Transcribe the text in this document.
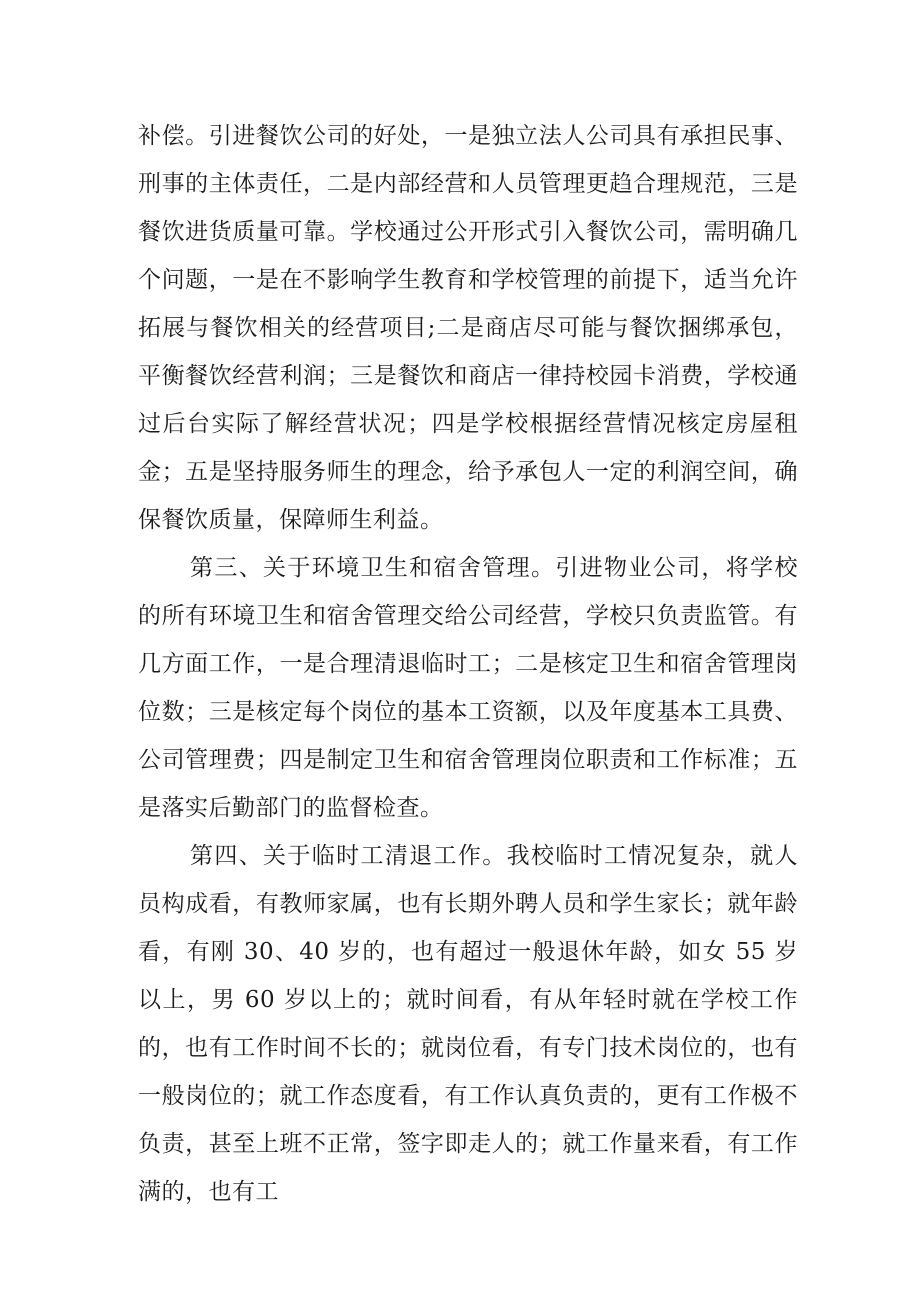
补偿。引进餐饮公司的好处，一是独立法人公司具有承担民事、刑事的主体责任，二是内部经营和人员管理更趋合理规范，三是餐饮进货质量可靠。学校通过公开形式引入餐饮公司，需明确几个问题，一是在不影响学生教育和学校管理的前提下，适当允许拓展与餐饮相关的经营项目;二是商店尽可能与餐饮捆绑承包，平衡餐饮经营利润；三是餐饮和商店一律持校园卡消费，学校通过后台实际了解经营状况；四是学校根据经营情况核定房屋租金；五是坚持服务师生的理念，给予承包人一定的利润空间，确保餐饮质量，保障师生利益。

第三、关于环境卫生和宿舍管理。引进物业公司，将学校的所有环境卫生和宿舍管理交给公司经营，学校只负责监管。有几方面工作，一是合理清退临时工；二是核定卫生和宿舍管理岗位数；三是核定每个岗位的基本工资额，以及年度基本工具费、公司管理费；四是制定卫生和宿舍管理岗位职责和工作标准；五是落实后勤部门的监督检查。

第四、关于临时工清退工作。我校临时工情况复杂，就人员构成看，有教师家属，也有长期外聘人员和学生家长；就年龄看，有刚 30、40 岁的，也有超过一般退休年龄，如女 55 岁以上，男 60 岁以上的；就时间看，有从年轻时就在学校工作的，也有工作时间不长的；就岗位看，有专门技术岗位的，也有一般岗位的；就工作态度看，有工作认真负责的，更有工作极不负责，甚至上班不正常，签字即走人的；就工作量来看，有工作满的，也有工
